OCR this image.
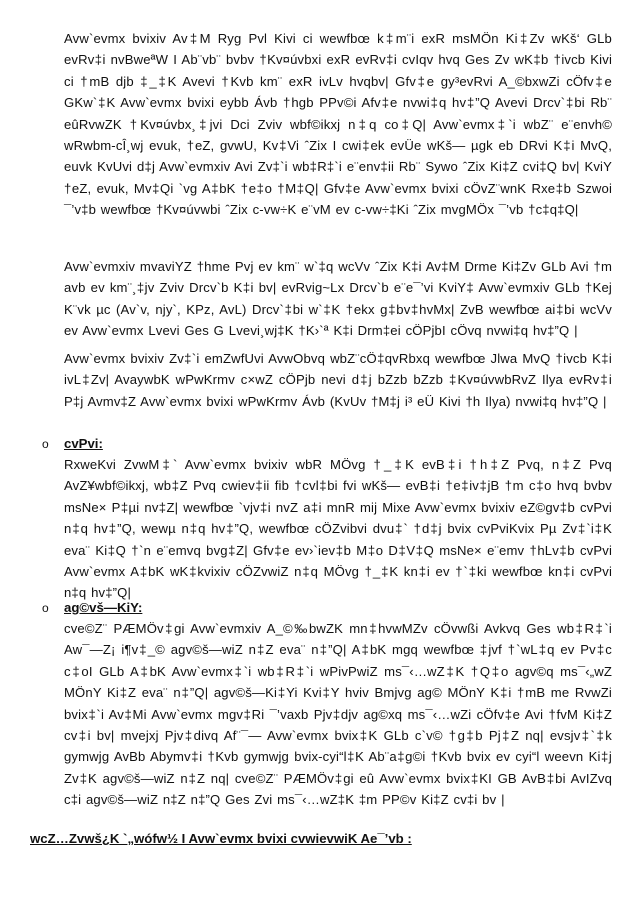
Avw`evmx bvixiv Av‡M Ryg Pvl Kivi ci wewfbœ k‡m¨i exR msMÖn Ki‡Zv wKš‘ GLb evRv‡i nvBweªW I Ab¨vb¨ bvbv †Kv¤úvbxi exR evRv‡i cvIqv hvq Ges Zv wK‡b †ivcb Kivi ci †mB djb ‡_‡K Avevi †Kvb km¨ exR ivLv hvqbv| Gfv‡e gy³evRvi A_©bxwZi cÖfv‡e GKw`‡K Avw`evmx bvixi eybb Ávb †hgb PPv©i Afv‡e nvwi‡q hv‡”Q Avevi Drcv`‡bi Rb¨ eûRvwZK †Kv¤úvbx¸‡jvi Dci Zviv wbf©ikxj n‡q co‡Q| Avw`evmx‡`i wbZ¨ e¨envh© wRwbm-cÎ¸wj evuk, †eZ, gvwU, Kv‡Vi ˆZix I cwi‡ek evÜe wKš— µgk eb DRvi K‡i MvQ, euvk KvUvi d‡j Avw`evmxiv Avi Zv‡`i wb‡R‡`i e¨env‡ii Rb¨ Sywo ˆZix Ki‡Z cvi‡Q bv| KviY †eZ, evuk, Mv‡Qi `vg A‡bK †e‡o †M‡Q| Gfv‡e Avw`evmx bvixi cÖvZ¨wnK Rxe‡b Szwoi ¯’v‡b wewfbœ †Kv¤úvwbi ˆZix c-vw÷K e¨vM ev c-vw÷‡Ki ˆZix mvgMÖx ¯’vb †c‡q‡Q|
Avw`evmxiv mvaviYZ †hme Pvj ev km¨ w`‡q wcVv ˆZix K‡i Av‡M Drme Ki‡Zv GLb Avi †m avb ev km¨¸‡jv Zviv Drcv`b K‡i bv| evRvig~Lx Drcv`b e¨e¯’vi KviY‡ Avw`evmxiv GLb †Kej K¨vk µc (Av`v, njy`, KPz, AvL) Drcv`‡bi w`‡K †ekx g‡bv‡hvMx| ZvB wewfbœ ai‡bi wcVv ev Avw`evmx Lvevi Ges G Lvevi¸wj‡K †K›`ª K‡i Drm‡ei cÖPjbI cÖvq nvwi‡q hv‡”Q |
Avw`evmx bvixiv Zv‡`i emZwfUvi AvwObvq wbZ¨cÖ‡qvRbxq wewfbœ Jlwa MvQ †ivcb K‡i ivL‡Zv| AvaywbK wPwKrmv c×wZ cÖPjb nevi d‡j bZzb bZzb ‡Kv¤úvwbRvZ Ilya evRv‡i P‡j Avmv‡Z Avw`evmx bvixi wPwKrmv Ávb (KvUv †M‡j i³ eÜ Kivi †h Ilya) nvwi‡q hv‡”Q |
o cvPvi:
RxweKvi ZvwM‡` Avw`evmx bvixiv wbR MÖvg †_‡K evB‡i †h‡Z Pvq, n‡Z Pvq AvZ¥wbf©ikxj, wb‡Z Pvq cwiev‡ii fib †cvl‡bi fvi wKš— evB‡i †e‡iv‡jB †m c‡o hvq bvbv msNe× P‡µi nv‡Z| wewfbœ `vjv‡i nvZ a‡i mnR mij Mixe Avw`evmx bvixiv eZ©gv‡b cvPvi n‡q hv‡”Q, wewµ n‡q hv‡”Q, wewfbœ cÖZvibvi dvu‡` †d‡j bvix cvPviKvix Pµ Zv‡`i‡K eva¨ Ki‡Q †`n e¨emvq bvg‡Z| Gfv‡e ev›`iev‡b M‡o D‡V‡Q msNe× e¨emv †hLv‡b cvPvi Avw`evmx A‡bK wK‡kvixiv cÖZvwiZ n‡q MÖvg †_‡K kn‡i ev †`‡ki wewfbœ kn‡i cvPvi n‡q hv‡”Q|
o ag©vš—KiY:
cve©Z¨ PÆMÖv‡gi Avw`evmxiv A_©‰bwZK mn‡hvwMZv cÖvwßi Avkvq Ges wb‡R‡`i Aw¯—Z¡ i¶v‡_© agv©š—wiZ n‡Z eva¨ n‡”Q| A‡bK mgq wewfbœ ‡jvf †`wL‡q ev Pv‡c c‡oI GLb A‡bK Avw`evmx‡`i wb‡R‡`i wPivPwiZ ms¯‹…wZ‡K †Q‡o agv©q ms¯‹„wZ MÖnY Ki‡Z eva¨ n‡”Q| agv©š—Ki‡Yi Kvi‡Y hviv Bmjvg ag© MÖnY K‡i †mB me RvwZi bvix‡`i Av‡Mi Avw`evmx mgv‡Ri ¯’vaxb Pjv‡djv ag©xq ms¯‹…wZi cÖfv‡e Avi †fvM Ki‡Z cv‡i bv| mvejxj Pjv‡divq Af¨¯— Avw`evmx bvix‡K GLb c`v© †g‡b Pj‡Z nq| evsjv‡`‡k gymwjg AvBb Abymv‡i †Kvb gymwjg bvix-cyi“l‡K Ab¨a‡g©i †Kvb bvix ev cyi“l weevn Ki‡j Zv‡K agv©š—wiZ n‡Z nq| cve©Z¨ PÆMÖv‡gi eû Avw`evmx bvix‡KI GB AvB‡bi AvIZvq c‡i agv©š—wiZ n‡Z n‡”Q Ges Zvi ms¯‹…wZ‡K ‡m PP©v Ki‡Z cv‡i bv |
wcZ…Zvwš¿K `„wófw½ I Avw`evmx bvixi cvwievwiK Ae¯’vb :
